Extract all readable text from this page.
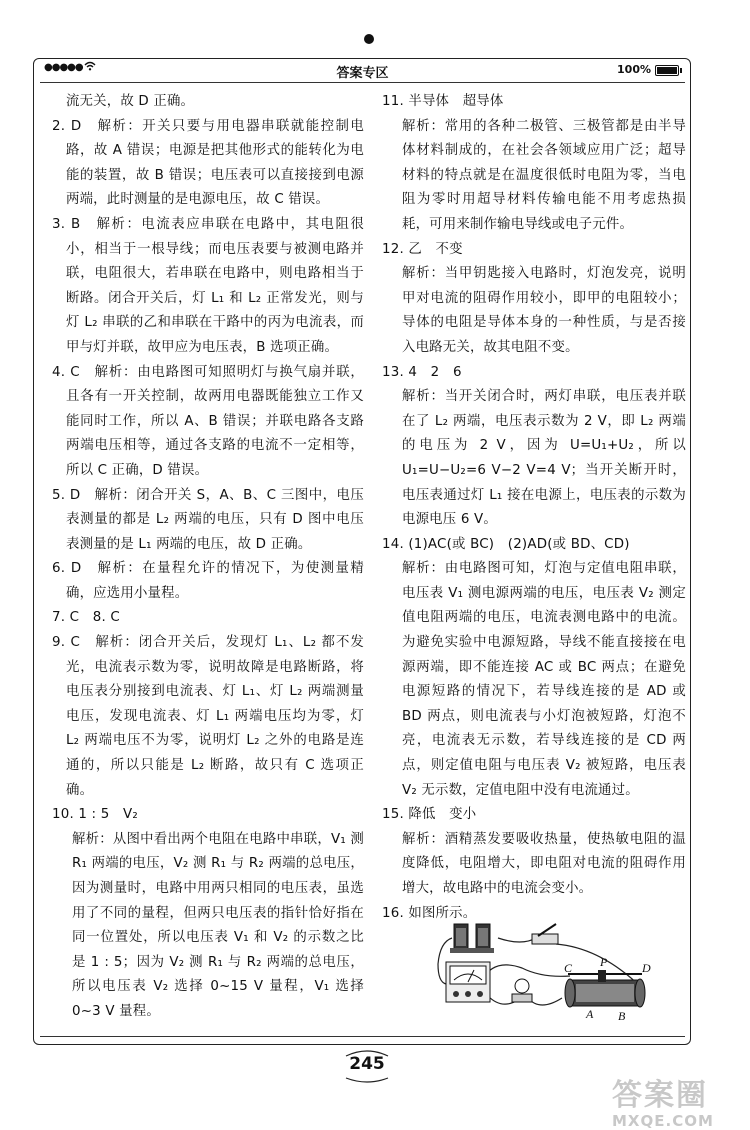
●●●●●	答案专区	100%

流无关，故 D 正确。

2. D　解析：开关只要与用电器串联就能控制电路，故 A 错误；电源是把其他形式的能转化为电能的装置，故 B 错误；电压表可以直接接到电源两端，此时测量的是电源电压，故 C 错误。

3. B　解析：电流表应串联在电路中，其电阻很小，相当于一根导线；而电压表要与被测电路并联，电阻很大，若串联在电路中，则电路相当于断路。闭合开关后，灯 L₁ 和 L₂ 正常发光，则与灯 L₂ 串联的乙和串联在干路中的丙为电流表，而甲与灯并联，故甲应为电压表，B 选项正确。

4. C　解析：由电路图可知照明灯与换气扇并联，且各有一开关控制，故两用电器既能独立工作又能同时工作，所以 A、B 错误；并联电路各支路两端电压相等，通过各支路的电流不一定相等，所以 C 正确，D 错误。

5. D　解析：闭合开关 S，A、B、C 三图中，电压表测量的都是 L₂ 两端的电压，只有 D 图中电压表测量的是 L₁ 两端的电压，故 D 正确。

6. D　解析：在量程允许的情况下，为使测量精确，应选用小量程。

7. C　8. C

9. C　解析：闭合开关后，发现灯 L₁、L₂ 都不发光，电流表示数为零，说明故障是电路断路，将电压表分别接到电流表、灯 L₁、灯 L₂ 两端测量电压，发现电流表、灯 L₁ 两端电压均为零，灯 L₂ 两端电压不为零，说明灯 L₂ 之外的电路是连通的，所以只能是 L₂ 断路，故只有 C 选项正确。

10. 1 : 5　V₂

解析：从图中看出两个电阻在电路中串联，V₁ 测 R₁ 两端的电压，V₂ 测 R₁ 与 R₂ 两端的总电压，因为测量时，电路中用两只相同的电压表，虽选用了不同的量程，但两只电压表的指针恰好指在同一位置处，所以电压表 V₁ 和 V₂ 的示数之比是 1 : 5；因为 V₂ 测 R₁ 与 R₂ 两端的总电压，所以电压表 V₂ 选择 0~15 V 量程，V₁ 选择 0~3 V 量程。

11. 半导体　超导体

解析：常用的各种二极管、三极管都是由半导体材料制成的，在社会各领域应用广泛；超导材料的特点就是在温度很低时电阻为零，当电阻为零时用超导材料传输电能不用考虑热损耗，可用来制作输电导线或电子元件。

12. 乙　不变

解析：当甲钥匙接入电路时，灯泡发亮，说明甲对电流的阻碍作用较小，即甲的电阻较小；导体的电阻是导体本身的一种性质，与是否接入电路无关，故其电阻不变。

13. 4　2　6

解析：当开关闭合时，两灯串联，电压表并联在了 L₂ 两端，电压表示数为 2 V，即 L₂ 两端的电压为 2 V，因为 U=U₁+U₂，所以 U₁=U−U₂=6 V−2 V=4 V；当开关断开时，电压表通过灯 L₁ 接在电源上，电压表的示数为电源电压 6 V。

14. (1)AC(或 BC)　(2)AD(或 BD、CD)

解析：由电路图可知，灯泡与定值电阻串联，电压表 V₁ 测电源两端的电压，电压表 V₂ 测定值电阻两端的电压，电流表测电路中的电流。为避免实验中电源短路，导线不能直接接在电源两端，即不能连接 AC 或 BC 两点；在避免电源短路的情况下，若导线连接的是 AD 或 BD 两点，则电流表与小灯泡被短路，灯泡不亮，电流表无示数，若导线连接的是 CD 两点，则定值电阻与电压表 V₂ 被短路，电压表 V₂ 无示数，定值电阻中没有电流通过。

15. 降低　变小

解析：酒精蒸发要吸收热量，使热敏电阻的温度降低，电阻增大，即电阻对电流的阻碍作用增大，故电路中的电流会变小。

16. 如图所示。

C P	D
A B
245
答案圈
MXQE.COM
